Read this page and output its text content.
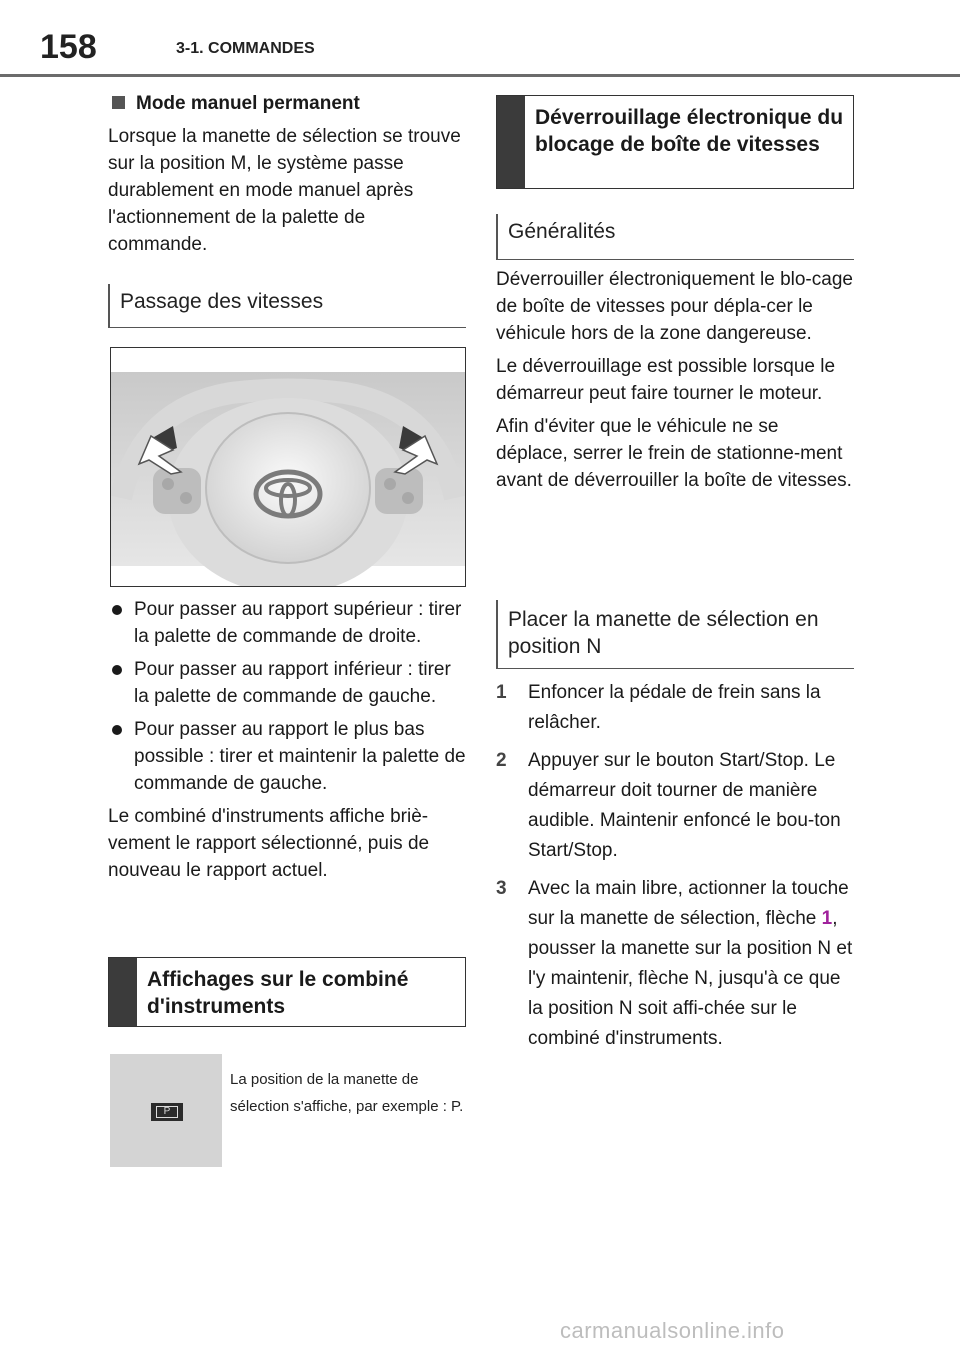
158	3-1. COMMANDES

Mode manuel permanent

Lorsque la manette de sélection se trouve sur la position M, le système passe durablement en mode manuel après l'actionnement de la palette de commande.

Passage des vitesses

Pour passer au rapport supérieur : tirer la palette de commande de droite.

Pour passer au rapport inférieur : tirer la palette de commande de gauche.

Pour passer au rapport le plus bas possible : tirer et maintenir la palette de commande de gauche.

Le combiné d'instruments affiche briè-vement le rapport sélectionné, puis de nouveau le rapport actuel.

Affichages sur le combiné d'instruments
P
La position de la manette de sélection s'affiche, par exemple : P.
Déverrouillage électronique du blocage de boîte de vitesses
Généralités

Déverrouiller électroniquement le blo-cage de boîte de vitesses pour dépla-cer le véhicule hors de la zone dangereuse.

Le déverrouillage est possible lorsque le démarreur peut faire tourner le moteur.

Afin d'éviter que le véhicule ne se déplace, serrer le frein de stationne-ment avant de déverrouiller la boîte de vitesses.

Placer la manette de sélection en position N

1 Enfoncer la pédale de frein sans la relâcher.

2 Appuyer sur le bouton Start/Stop. Le démarreur doit tourner de manière audible. Maintenir enfoncé le bou-ton Start/Stop.

3 Avec la main libre, actionner la touche sur la manette de sélection, flèche 1, pousser la manette sur la position N et l'y maintenir, flèche N, jusqu'à ce que la position N soit affi-chée sur le combiné d'instruments.

carmanualsonline.info
